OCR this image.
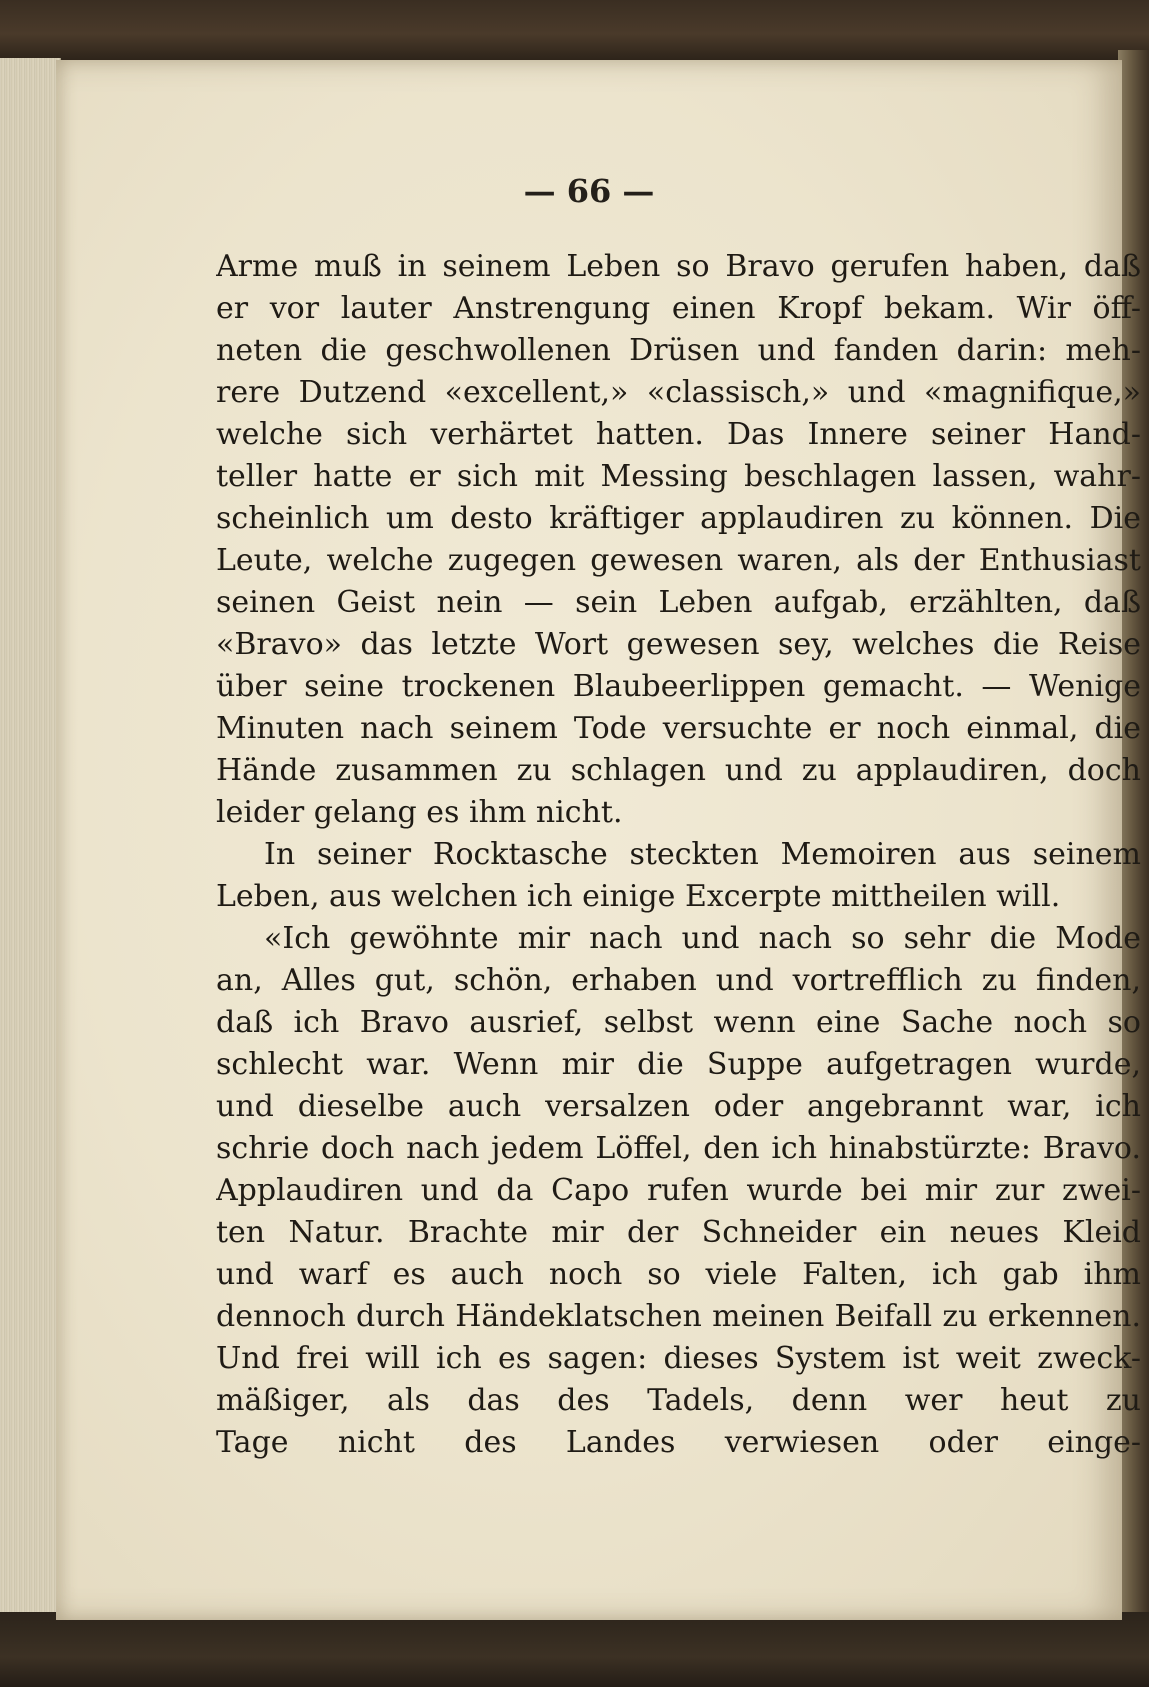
— 66 —
Arme muß in seinem Leben so Bravo gerufen haben, daß
er vor lauter Anstrengung einen Kropf bekam. Wir öff-
neten die geschwollenen Drüsen und fanden darin: meh-
rere Dutzend «excellent,» «classisch,» und «magnifique,»
welche sich verhärtet hatten. Das Innere seiner Hand-
teller hatte er sich mit Messing beschlagen lassen, wahr-
scheinlich um desto kräftiger applaudiren zu können. Die
Leute, welche zugegen gewesen waren, als der Enthusiast
seinen Geist nein — sein Leben aufgab, erzählten, daß
«Bravo» das letzte Wort gewesen sey, welches die Reise
über seine trockenen Blaubeerlippen gemacht. — Wenige
Minuten nach seinem Tode versuchte er noch einmal, die
Hände zusammen zu schlagen und zu applaudiren, doch
leider gelang es ihm nicht.
In seiner Rocktasche steckten Memoiren aus seinem
Leben, aus welchen ich einige Excerpte mittheilen will.
«Ich gewöhnte mir nach und nach so sehr die Mode
an, Alles gut, schön, erhaben und vortrefflich zu finden,
daß ich Bravo ausrief, selbst wenn eine Sache noch so
schlecht war. Wenn mir die Suppe aufgetragen wurde,
und dieselbe auch versalzen oder angebrannt war, ich
schrie doch nach jedem Löffel, den ich hinabstürzte: Bravo.
Applaudiren und da Capo rufen wurde bei mir zur zwei-
ten Natur. Brachte mir der Schneider ein neues Kleid
und warf es auch noch so viele Falten, ich gab ihm
dennoch durch Händeklatschen meinen Beifall zu erkennen.
Und frei will ich es sagen: dieses System ist weit zweck-
mäßiger, als das des Tadels, denn wer heut zu
Tage nicht des Landes verwiesen oder einge-
